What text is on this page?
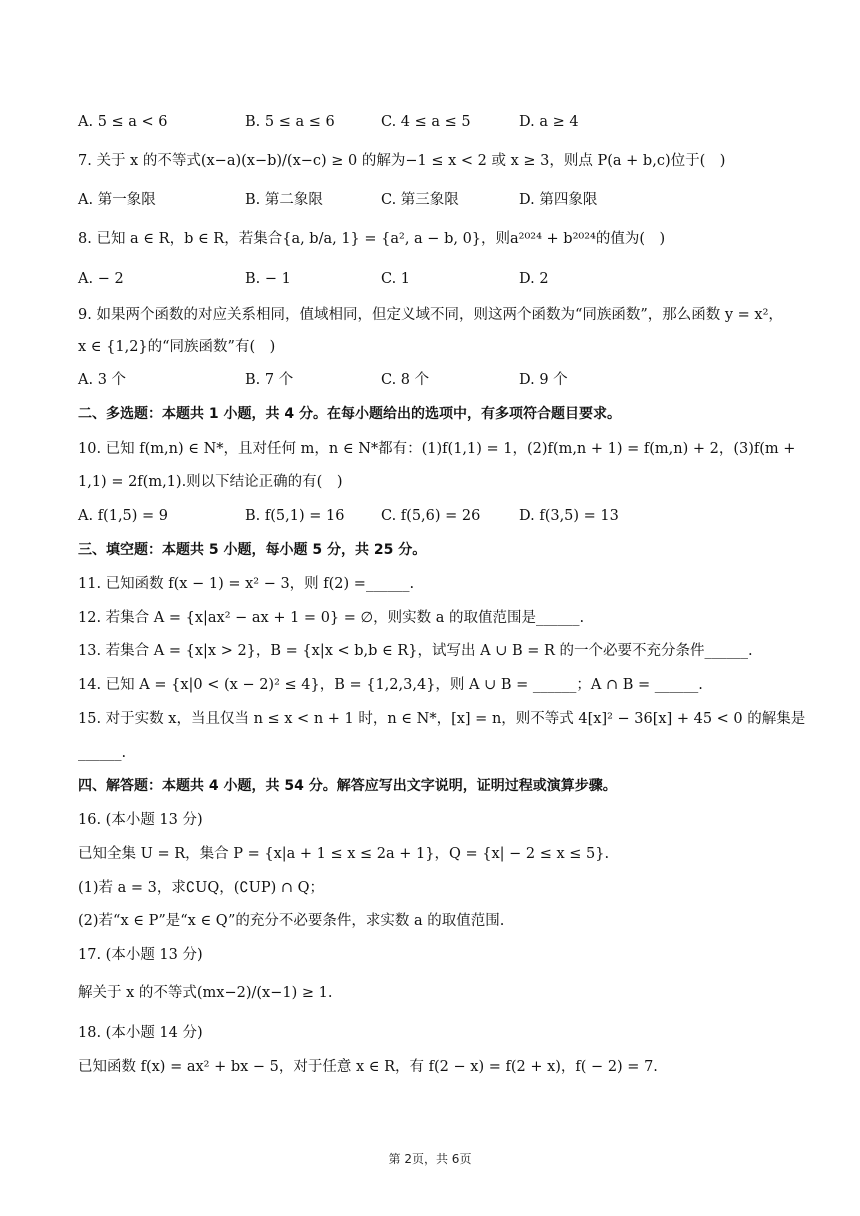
A. 5 ≤ a < 6	B. 5 ≤ a ≤ 6	C. 4 ≤ a ≤ 5	D. a ≥ 4
7. 关于 x 的不等式(x−a)(x−b)/(x−c) ≥ 0 的解为−1 ≤ x < 2 或 x ≥ 3，则点 P(a + b,c)位于(　)
A. 第一象限	B. 第二象限	C. 第三象限	D. 第四象限
8. 已知 a ∈ R，b ∈ R，若集合{a, b/a, 1} = {a², a − b, 0}，则a²⁰²⁴ + b²⁰²⁴的值为(　)
A. − 2	B. − 1	C. 1	D. 2
9. 如果两个函数的对应关系相同，值域相同，但定义域不同，则这两个函数为“同族函数”，那么函数 y = x²，
x ∈ {1,2}的“同族函数”有(　)
A. 3 个	B. 7 个	C. 8 个	D. 9 个
二、多选题：本题共 1 小题，共 4 分。在每小题给出的选项中，有多项符合题目要求。
10. 已知 f(m,n) ∈ N*，且对任何 m，n ∈ N*都有：(1)f(1,1) = 1，(2)f(m,n + 1) = f(m,n) + 2，(3)f(m +
1,1) = 2f(m,1).则以下结论正确的有(　)
A. f(1,5) = 9	B. f(5,1) = 16	C. f(5,6) = 26	D. f(3,5) = 13
三、填空题：本题共 5 小题，每小题 5 分，共 25 分。
11. 已知函数 f(x − 1) = x² − 3，则 f(2) =______.
12. 若集合 A = {x|ax² − ax + 1 = 0} = ∅，则实数 a 的取值范围是______.
13. 若集合 A = {x|x > 2}，B = {x|x < b,b ∈ R}，试写出 A ∪ B = R 的一个必要不充分条件______.
14. 已知 A = {x|0 < (x − 2)² ≤ 4}，B = {1,2,3,4}，则 A ∪ B = ______；A ∩ B = ______.
15. 对于实数 x，当且仅当 n ≤ x < n + 1 时，n ∈ N*，[x] = n，则不等式 4[x]² − 36[x] + 45 < 0 的解集是
______.
四、解答题：本题共 4 小题，共 54 分。解答应写出文字说明，证明过程或演算步骤。
16. (本小题 13 分)
已知全集 U = R，集合 P = {x|a + 1 ≤ x ≤ 2a + 1}，Q = {x| − 2 ≤ x ≤ 5}.
(1)若 a = 3，求∁UQ，(∁UP) ∩ Q；
(2)若“x ∈ P”是“x ∈ Q”的充分不必要条件，求实数 a 的取值范围.
17. (本小题 13 分)
解关于 x 的不等式(mx−2)/(x−1) ≥ 1.
18. (本小题 14 分)
已知函数 f(x) = ax² + bx − 5，对于任意 x ∈ R，有 f(2 − x) = f(2 + x)，f( − 2) = 7.
第 2页，共 6页
